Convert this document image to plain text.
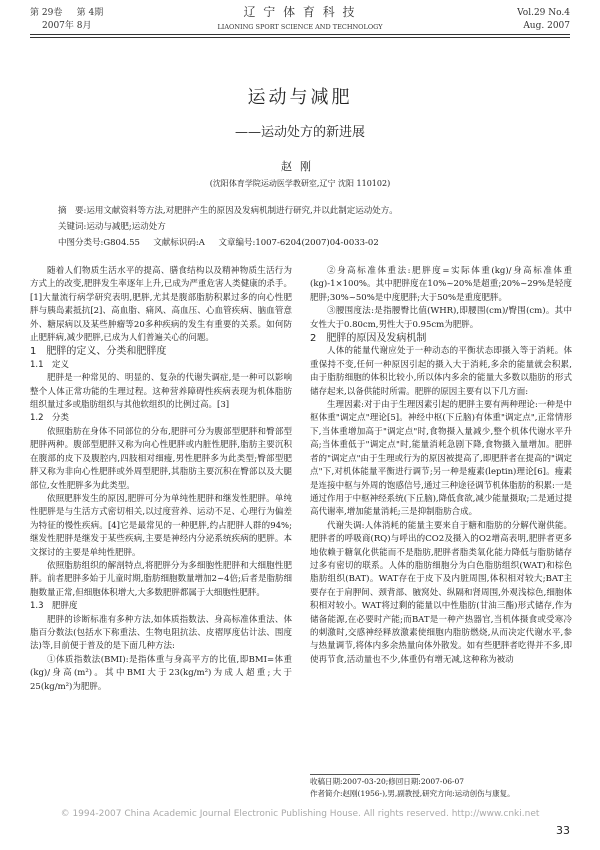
第 29卷 第 4期
2007年 8月
辽 宁 体 育 科 技
LIAONING SPORT SCIENCE AND TECHNOLOGY
Vol.29 No.4
Aug. 2007
运动与减肥
——运动处方的新进展
赵刚
(沈阳体育学院运动医学教研室,辽宁 沈阳 110102)
摘　要:运用文献资料等方法,对肥胖产生的原因及发病机制进行研究,并以此制定运动处方。
关键词:运动与减肥;运动处方
中图分类号:G804.55 文献标识码:A 文章编号:1007-6204(2007)04-0033-02

随着人们物质生活水平的提高、膳食结构以及精神物质生活行为方式上的改变,肥胖发生率逐年上升,已成为严重危害人类健康的杀手。[1]大量流行病学研究表明,肥胖,尤其是腹部脂肪积累过多的向心性肥胖与胰岛素抵抗[2]、高血脂、痛风、高血压、心血管疾病、脑血管意外、糖尿病以及某些肿瘤等20多种疾病的发生有重要的关系。如何防止肥胖病,减少肥胖,已成为人们普遍关心的问题。

1　肥胖的定义、分类和肥胖度

1.1　定义

肥胖是一种常见的、明显的、复杂的代谢失调症,是一种可以影响整个人体正常功能的生理过程。这种营养障碍性疾病表现为机体脂肪组织量过多或脂肪组织与其他软组织的比例过高。[3]

1.2　分类

依照脂肪在身体不同部位的分布,肥胖可分为腹部型肥胖和臀部型肥胖两种。腹部型肥胖又称为向心性肥胖或内脏性肥胖,脂肪主要沉积在腹部的皮下及腹腔内,四肢相对细瘦,男性肥胖多为此类型;臀部型肥胖又称为非向心性肥胖或外周型肥胖,其脂肪主要沉积在臀部以及大腿部位,女性肥胖多为此类型。

依照肥胖发生的原因,肥胖可分为单纯性肥胖和继发性肥胖。单纯性肥胖是与生活方式密切相关,以过度营养、运动不足、心理行为偏差为特征的慢性疾病。[4]它是最常见的一种肥胖,约占肥胖人群的94%;继发性肥胖是继发于某些疾病,主要是神经内分泌系统疾病的肥胖。本文探讨的主要是单纯性肥胖。

依照脂肪组织的解剖特点,将肥胖分为多细胞性肥胖和大细胞性肥胖。前者肥胖多始于儿童时期,脂肪细胞数量增加2~4倍;后者是脂肪细胞数量正常,但细胞体积增大,大多数肥胖都属于大细胞性肥胖。

1.3　肥胖度

肥胖的诊断标准有多种方法,如体质指数法、身高标准体重法、体脂百分数法(包括水下称重法、生物电阻抗法、皮褶厚度估计法、围度法)等,目前便于普及的是下面几种方法:

①体质指数法(BMI):是指体重与身高平方的比值,即BMI=体重(kg)/身高(m²)。其中BMI大于23(kg/m²)为成人超重;大于25(kg/m²)为肥胖。

②身高标准体重法:肥胖度=实际体重(kg)/身高标准体重(kg)-1×100%。其中肥胖度在10%~20%是超重;20%~29%是轻度肥胖;30%~50%是中度肥胖;大于50%是重度肥胖。

③腰围度法:是指腰臀比值(WHR),即腰围(cm)/臀围(cm)。其中女性大于0.80cm,男性大于0.95cm为肥胖。

2　肥胖的原因及发病机制

人体的能量代谢应处于一种动态的平衡状态即摄入等于消耗。体重保持不变,任何一种原因引起的摄入大于消耗,多余的能量就会积累,由于脂肪细胞的体积比较小,所以体内多余的能量大多数以脂肪的形式储存起来,以备供能时所需。肥胖的原因主要有以下几方面:

生理因素:对于由于生理因素引起的肥胖主要有两种理论:一种是中枢体重"调定点"理论[5]。神经中枢(下丘脑)有体重"调定点",正常情形下,当体重增加高于"调定点"时,食物摄入量减少,整个机体代谢水平升高;当体重低于"调定点"时,能量消耗急剧下降,食物摄入量增加。肥胖者的"调定点"由于生理或行为的原因被提高了,即肥胖者在提高的"调定点"下,对机体能量平衡进行调节;另一种是瘦素(leptin)理论[6]。瘦素是连接中枢与外周的饱感信号,通过三种途径调节机体脂肪的积累:一是通过作用于中枢神经系统(下丘脑),降低食欲,减少能量摄取;二是通过提高代谢率,增加能量消耗;三是抑制脂肪合成。

代谢失调:人体消耗的能量主要来自于糖和脂肪的分解代谢供能。肥胖者的呼吸商(RQ)与呼出的CO2及摄入的O2增高表明,肥胖者更多地依赖于糖氧化供能而不是脂肪,肥胖者脂类氧化能力降低与脂肪储存过多有密切的联系。人体的脂肪细胞分为白色脂肪组织(WAT)和棕色脂肪组织(BAT)。WAT存在于皮下及内脏周围,体积相对较大;BAT主要存在于肩胛间、颈背部、腋窝处、纵隔和肾周围,外观浅棕色,细胞体积相对较小。WAT将过剩的能量以中性脂肪(甘油三酯)形式储存,作为储备能源,在必要时产能;而BAT是一种产热器官,当机体摄食或受寒冷的刺激时,交感神经释放激素使细胞内脂肪燃烧,从而决定代谢水平,参与热量调节,将体内多余热量向体外散发。如有些肥胖者吃得并不多,即使再节食,活动量也不少,体重仍有增无减,这种称为被动

收稿日期:2007-03-20;修回日期:2007-06-07
作者简介:赵刚(1956-),男,副教授,研究方向:运动创伤与康复。
© 1994-2007 China Academic Journal Electronic Publishing House. All rights reserved. http://www.cnki.net
33
